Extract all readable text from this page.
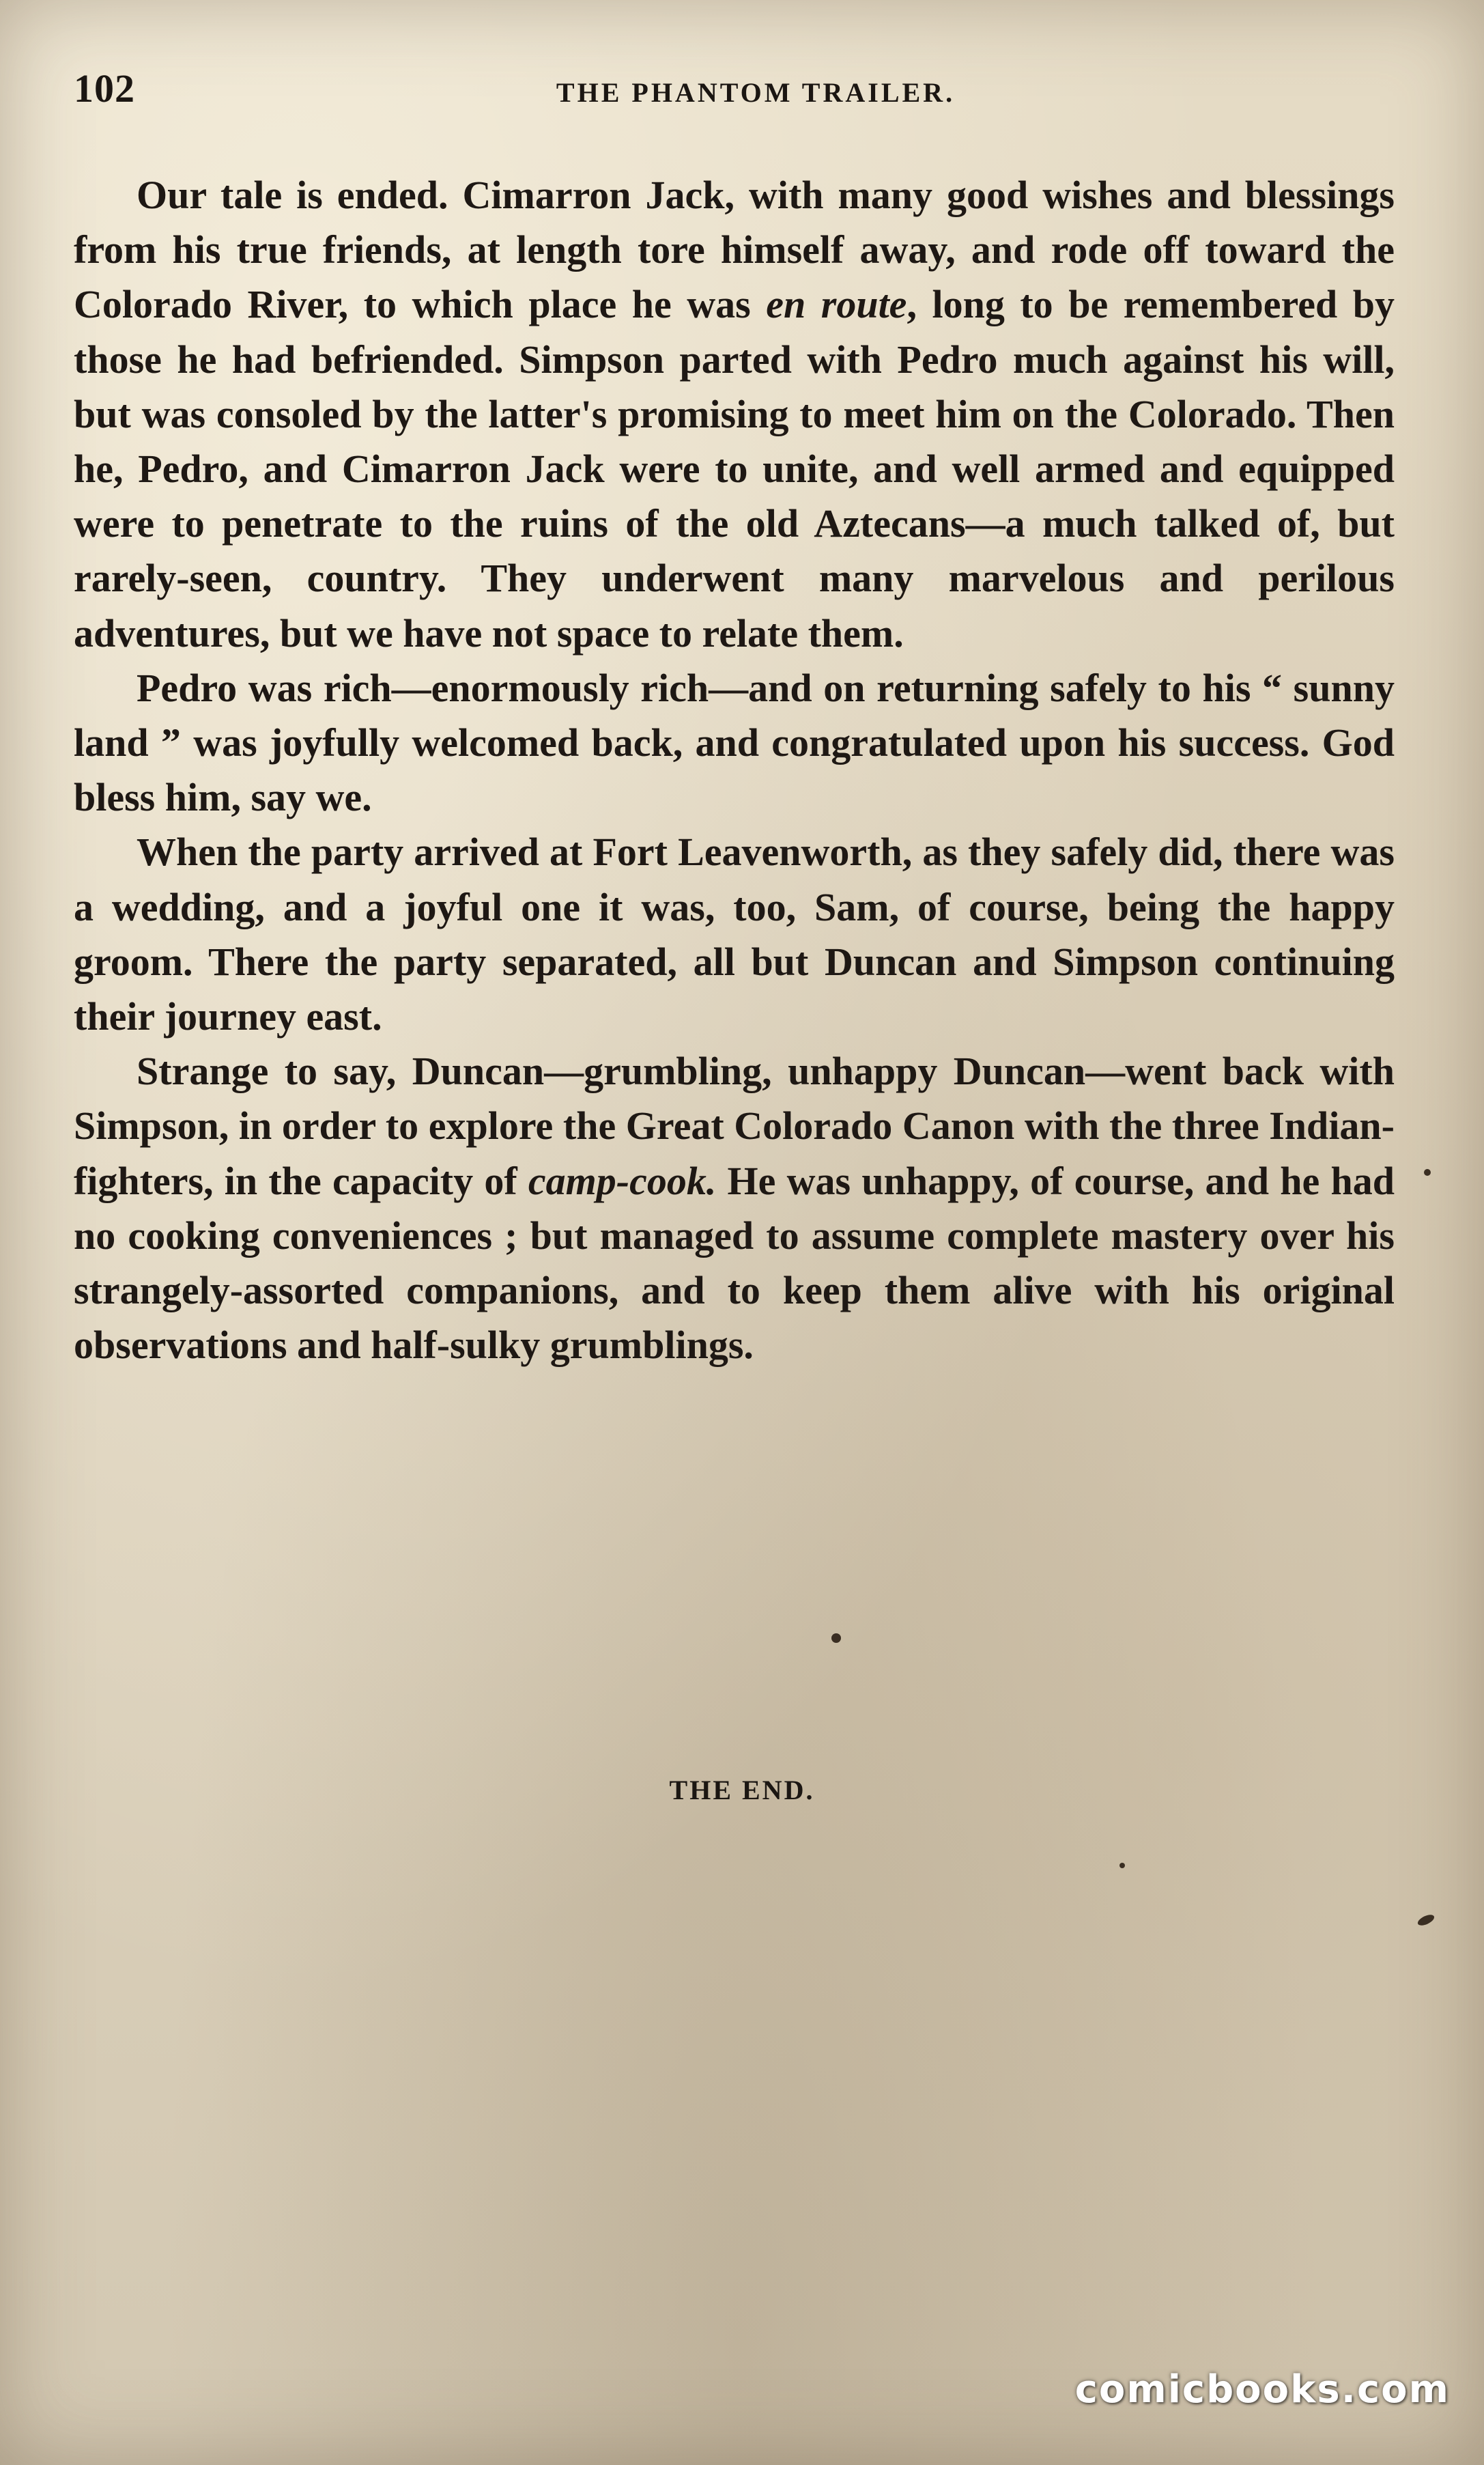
102	THE PHANTOM TRAILER.

Our tale is ended. Cimarron Jack, with many good wishes and blessings from his true friends, at length tore himself away, and rode off toward the Colorado River, to which place he was en route, long to be remembered by those he had befriended. Simpson parted with Pedro much against his will, but was consoled by the latter's promising to meet him on the Colorado. Then he, Pedro, and Cimarron Jack were to unite, and well armed and equipped were to penetrate to the ruins of the old Aztecans—a much talked of, but rarely-seen, country. They underwent many marvelous and perilous adventures, but we have not space to relate them.

Pedro was rich—enormously rich—and on returning safely to his “ sunny land ” was joyfully welcomed back, and congratulated upon his success. God bless him, say we.

When the party arrived at Fort Leavenworth, as they safely did, there was a wedding, and a joyful one it was, too, Sam, of course, being the happy groom. There the party separated, all but Duncan and Simpson continuing their journey east.

Strange to say, Duncan—grumbling, unhappy Duncan—went back with Simpson, in order to explore the Great Colorado Canon with the three Indian-fighters, in the capacity of camp-cook. He was unhappy, of course, and he had no cooking conveniences ; but managed to assume complete mastery over his strangely-assorted companions, and to keep them alive with his original observations and half-sulky grumblings.

THE END.
comicbooks.com
